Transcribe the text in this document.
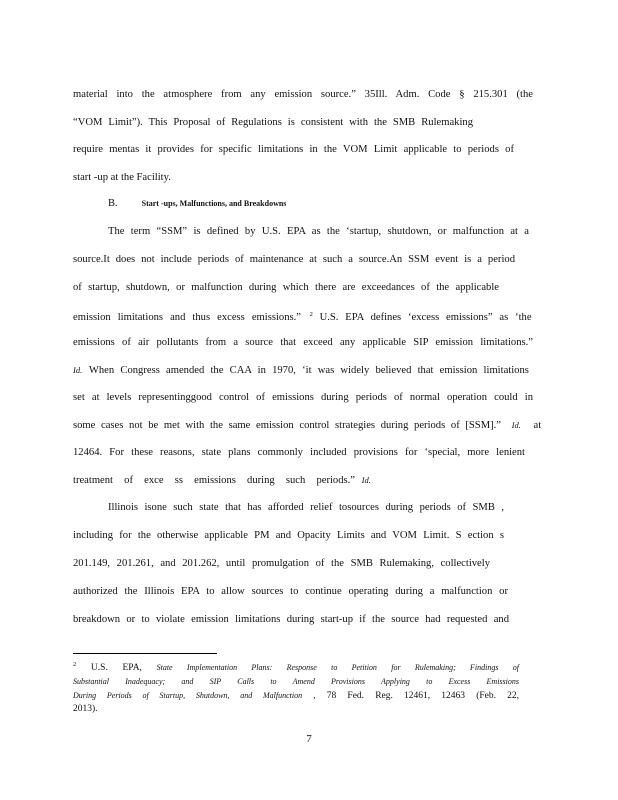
material into the atmosphere from any emission source.” 35Ill. Adm. Code § 215.301 (the
“VOM Limit”). This Proposal of Regulations is consistent with the SMB Rulemaking
require mentas it provides for specific limitations in the VOM Limit applicable to periods of
start -up at the Facility.
B.	Start -ups, Malfunctions, and Breakdowns
The term “SSM” is defined by U.S. EPA as the ‘startup, shutdown, or malfunction at a
source.It does not include periods of maintenance at such a source.An SSM event is a period
of startup, shutdown, or malfunction during which there are exceedances of the applicable
emission limitations and thus excess emissions.” $^2$ U.S. EPA defines ‘excess emissions” as ‘the
emissions of air pollutants from a source that exceed any applicable SIP emission limitations.”
Id. When Congress amended the CAA in 1970, ‘it was widely believed that emission limitations
set at levels representinggood control of emissions during periods of normal operation could in
some cases not be met with the same emission control strategies during periods of [SSM].” Id. at
12464. For these reasons, state plans commonly included provisions for ‘special, more lenient
treatment of exce ss emissions during such periods.” Id.
Illinois isone such state that has afforded relief tosources during periods of SMB ,
including for the otherwise applicable PM and Opacity Limits and VOM Limit. S ection s
201.149, 201.261, and 201.262, until promulgation of the SMB Rulemaking, collectively
authorized the Illinois EPA to allow sources to continue operating during a malfunction or
breakdown or to violate emission limitations during start-up if the source had requested and
$^2$ U.S. EPA, State Implementation Plans: Response to Petition for Rulemaking; Findings of
Substantial Inadequacy; and SIP Calls to Amend Provisions Applying to Excess Emissions
During Periods of Startup, Shutdown, and Malfunction , 78 Fed. Reg. 12461, 12463 (Feb. 22,
2013).
7
